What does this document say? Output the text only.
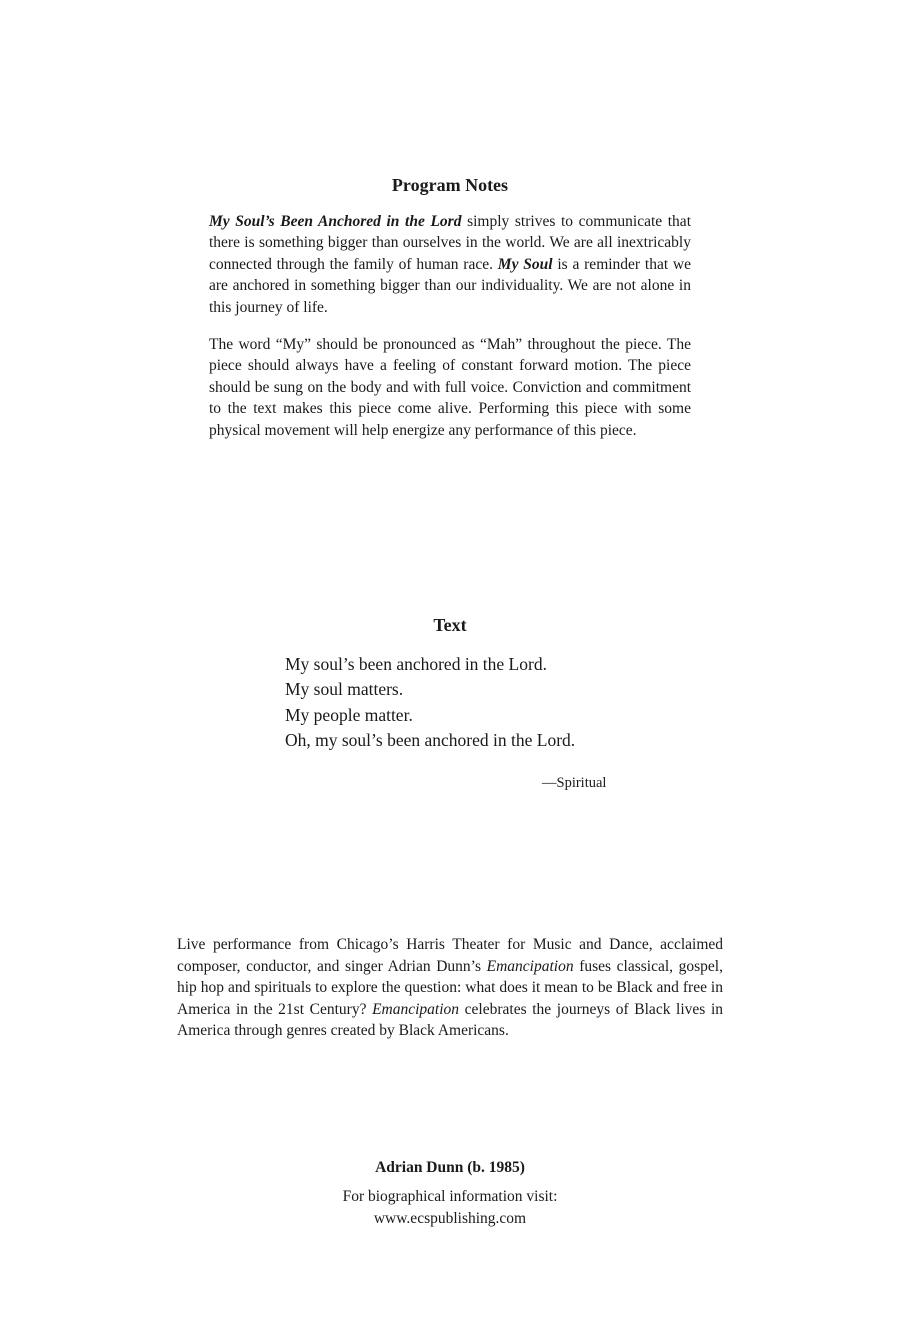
Program Notes

My Soul’s Been Anchored in the Lord simply strives to communicate that there is something bigger than ourselves in the world. We are all inextricably connected through the family of human race. My Soul is a reminder that we are anchored in something bigger than our individuality. We are not alone in this journey of life.

The word “My” should be pronounced as “Mah” throughout the piece. The piece should always have a feeling of constant forward motion. The piece should be sung on the body and with full voice. Conviction and commitment to the text makes this piece come alive. Performing this piece with some physical movement will help energize any performance of this piece.

Text
My soul’s been anchored in the Lord.
My soul matters.
My people matter.
Oh, my soul’s been anchored in the Lord.
—Spiritual

Live performance from Chicago’s Harris Theater for Music and Dance, acclaimed composer, conductor, and singer Adrian Dunn’s Emancipation fuses classical, gospel, hip hop and spirituals to explore the question: what does it mean to be Black and free in America in the 21st Century? Emancipation celebrates the journeys of Black lives in America through genres created by Black Americans.

Adrian Dunn (b. 1985)
For biographical information visit:
www.ecspublishing.com
